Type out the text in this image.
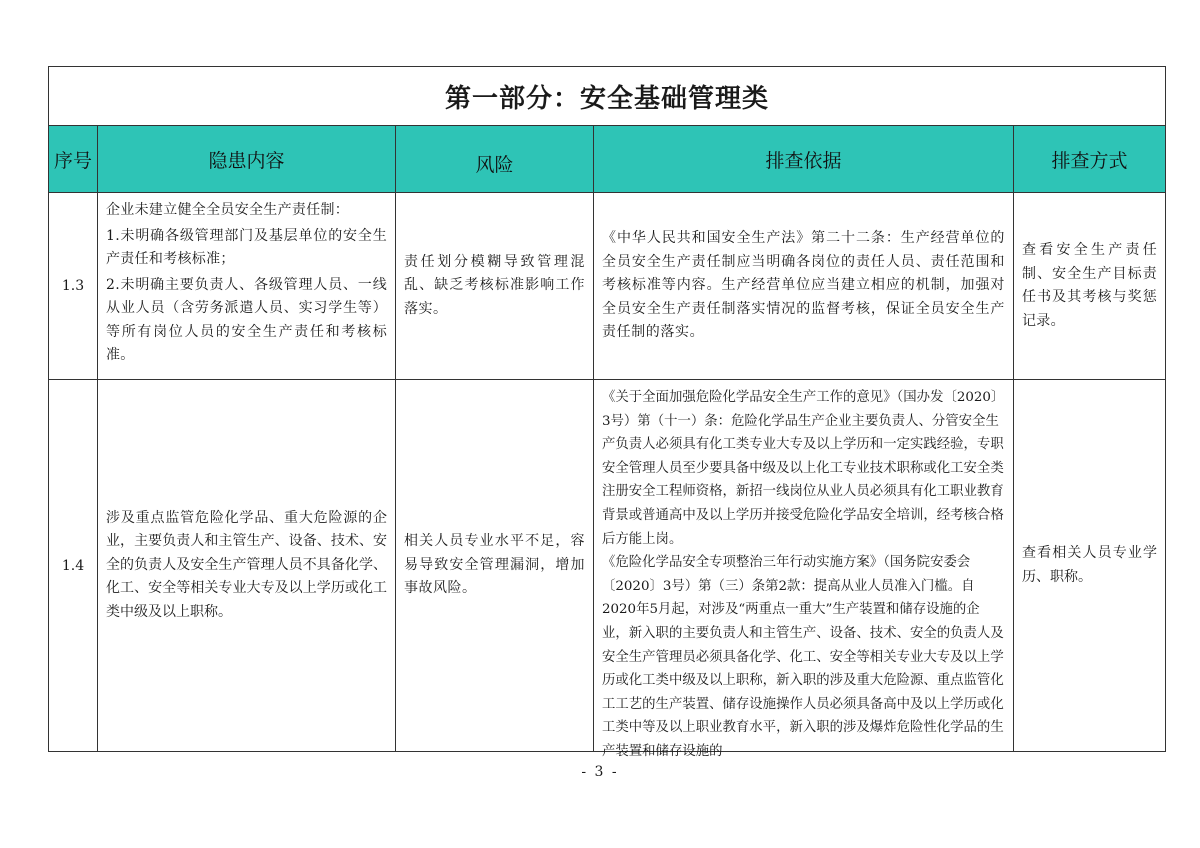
第一部分：安全基础管理类				
序号	隐患内容	风险	排查依据	排查方式
1.3	企业未建立健全全员安全生产责任制：

1.未明确各级管理部门及基层单位的安全生产责任和考核标准；

2.未明确主要负责人、各级管理人员、一线从业人员（含劳务派遣人员、实习学生等）等所有岗位人员的安全生产责任和考核标准。	责任划分模糊导致管理混乱、缺乏考核标准影响工作落实。	《中华人民共和国安全生产法》第二十二条：生产经营单位的全员安全生产责任制应当明确各岗位的责任人员、责任范围和考核标准等内容。生产经营单位应当建立相应的机制，加强对全员安全生产责任制落实情况的监督考核，保证全员安全生产责任制的落实。	查看安全生产责任制、安全生产目标责任书及其考核与奖惩记录。
1.4	涉及重点监管危险化学品、重大危险源的企业，主要负责人和主管生产、设备、技术、安全的负责人及安全生产管理人员不具备化学、化工、安全等相关专业大专及以上学历或化工类中级及以上职称。	相关人员专业水平不足，容易导致安全管理漏洞，增加事故风险。	《关于全面加强危险化学品安全生产工作的意见》（国办发〔2020〕3号）第（十一）条：危险化学品生产企业主要负责人、分管安全生产负责人必须具有化工类专业大专及以上学历和一定实践经验，专职安全管理人员至少要具备中级及以上化工专业技术职称或化工安全类注册安全工程师资格，新招一线岗位从业人员必须具有化工职业教育背景或普通高中及以上学历并接受危险化学品安全培训，经考核合格后方能上岗。

《危险化学品安全专项整治三年行动实施方案》（国务院安委会〔2020〕3号）第（三）条第2款：提高从业人员准入门槛。自2020年5月起，对涉及“两重点一重大”生产装置和储存设施的企业，新入职的主要负责人和主管生产、设备、技术、安全的负责人及安全生产管理员必须具备化学、化工、安全等相关专业大专及以上学历或化工类中级及以上职称，新入职的涉及重大危险源、重点监管化工工艺的生产装置、储存设施操作人员必须具备高中及以上学历或化工类中等及以上职业教育水平，新入职的涉及爆炸危险性化学品的生产装置和储存设施的	查看相关人员专业学历、职称。
- 3 -
